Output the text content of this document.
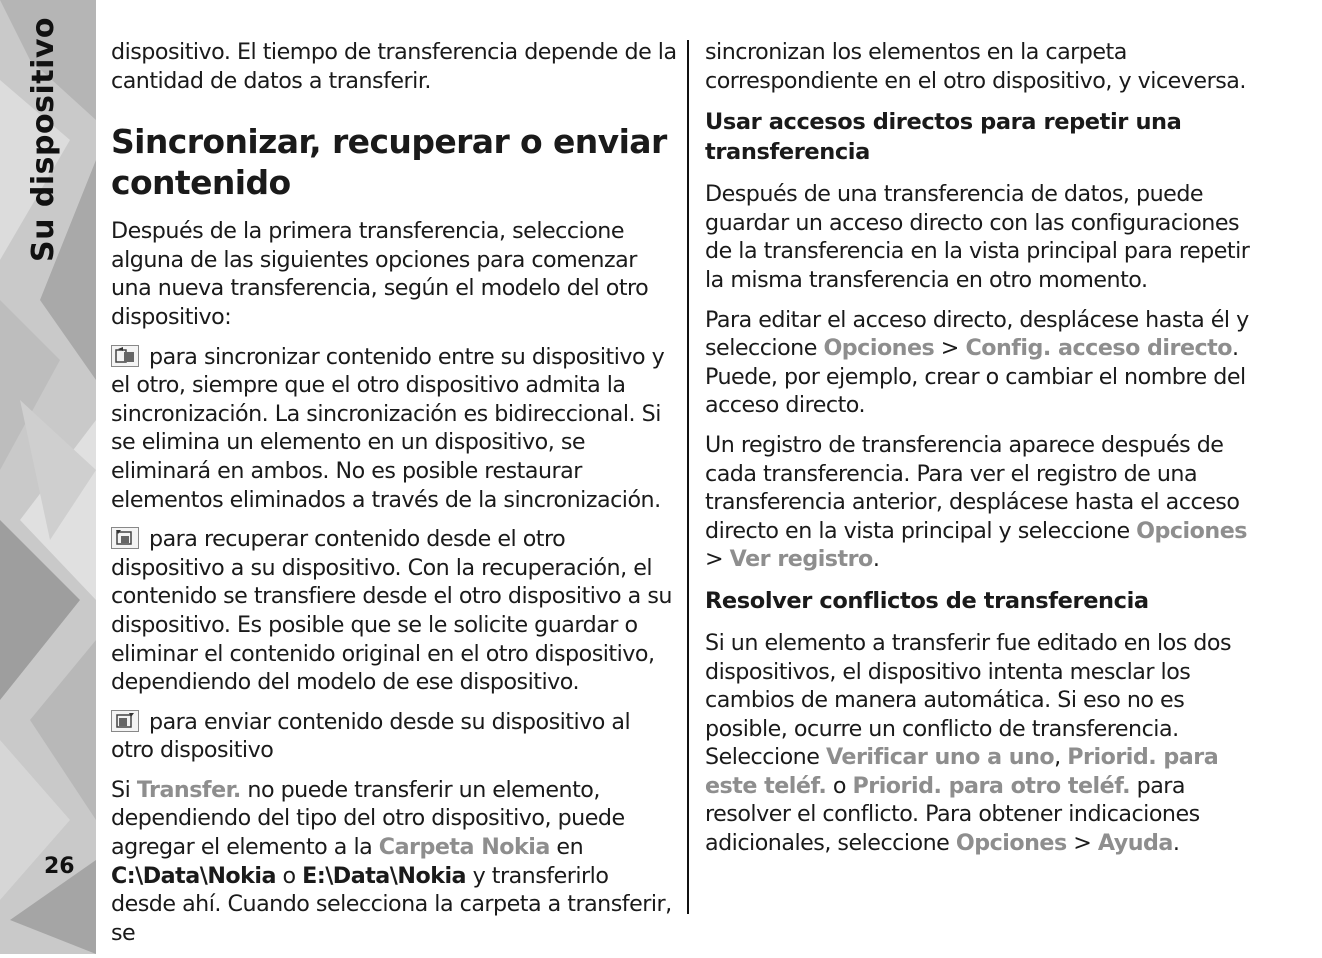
Su dispositivo
26

dispositivo. El tiempo de transferencia depende de la cantidad de datos a transferir.

Sincronizar, recuperar o enviar contenido

Después de la primera transferencia, seleccione alguna de las siguientes opciones para comenzar una nueva transferencia, según el modelo del otro dispositivo:

para sincronizar contenido entre su dispositivo y el otro, siempre que el otro dispositivo admita la sincronización. La sincronización es bidireccional. Si se elimina un elemento en un dispositivo, se eliminará en ambos. No es posible restaurar elementos eliminados a través de la sincronización.

para recuperar contenido desde el otro dispositivo a su dispositivo. Con la recuperación, el contenido se transfiere desde el otro dispositivo a su dispositivo. Es posible que se le solicite guardar o eliminar el contenido original en el otro dispositivo, dependiendo del modelo de ese dispositivo.

para enviar contenido desde su dispositivo al otro dispositivo

Si Transfer. no puede transferir un elemento, dependiendo del tipo del otro dispositivo, puede agregar el elemento a la Carpeta Nokia en C:\Data\Nokia o E:\Data\Nokia y transferirlo desde ahí. Cuando selecciona la carpeta a transferir, se

sincronizan los elementos en la carpeta correspondiente en el otro dispositivo, y viceversa.

Usar accesos directos para repetir una transferencia

Después de una transferencia de datos, puede guardar un acceso directo con las configuraciones de la transferencia en la vista principal para repetir la misma transferencia en otro momento.

Para editar el acceso directo, desplácese hasta él y seleccione Opciones > Config. acceso directo. Puede, por ejemplo, crear o cambiar el nombre del acceso directo.

Un registro de transferencia aparece después de cada transferencia. Para ver el registro de una transferencia anterior, desplácese hasta el acceso directo en la vista principal y seleccione Opciones > Ver registro.

Resolver conflictos de transferencia

Si un elemento a transferir fue editado en los dos dispositivos, el dispositivo intenta mesclar los cambios de manera automática. Si eso no es posible, ocurre un conflicto de transferencia. Seleccione Verificar uno a uno, Priorid. para este teléf. o Priorid. para otro teléf. para resolver el conflicto. Para obtener indicaciones adicionales, seleccione Opciones > Ayuda.
